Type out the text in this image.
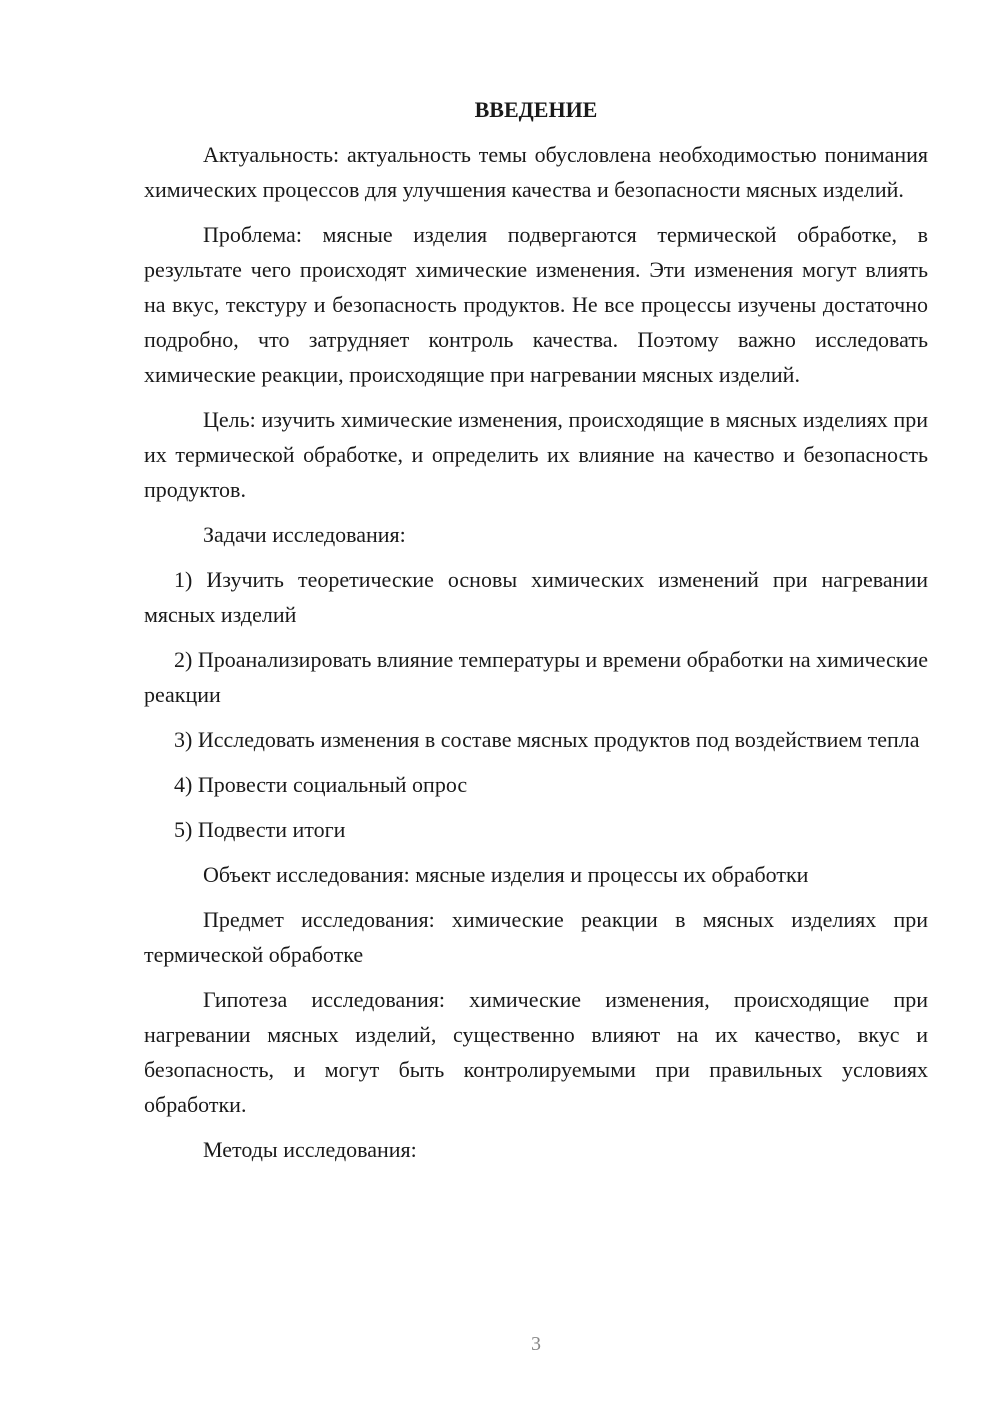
ВВЕДЕНИЕ

Актуальность: актуальность темы обусловлена необходимостью понимания химических процессов для улучшения качества и безопасности мясных изделий.

Проблема: мясные изделия подвергаются термической обработке, в результате чего происходят химические изменения. Эти изменения могут влиять на вкус, текстуру и безопасность продуктов. Не все процессы изучены достаточно подробно, что затрудняет контроль качества. Поэтому важно исследовать химические реакции, происходящие при нагревании мясных изделий.

Цель: изучить химические изменения, происходящие в мясных изделиях при их термической обработке, и определить их влияние на качество и безопасность продуктов.

Задачи исследования:

1) Изучить теоретические основы химических изменений при нагревании мясных изделий

2) Проанализировать влияние температуры и времени обработки на химические реакции

3) Исследовать изменения в составе мясных продуктов под воздействием тепла

4) Провести социальный опрос

5) Подвести итоги

Объект исследования: мясные изделия и процессы их обработки

Предмет исследования: химические реакции в мясных изделиях при термической обработке

Гипотеза исследования: химические изменения, происходящие при нагревании мясных изделий, существенно влияют на их качество, вкус и безопасность, и могут быть контролируемыми при правильных условиях обработки.

Методы исследования:

3
